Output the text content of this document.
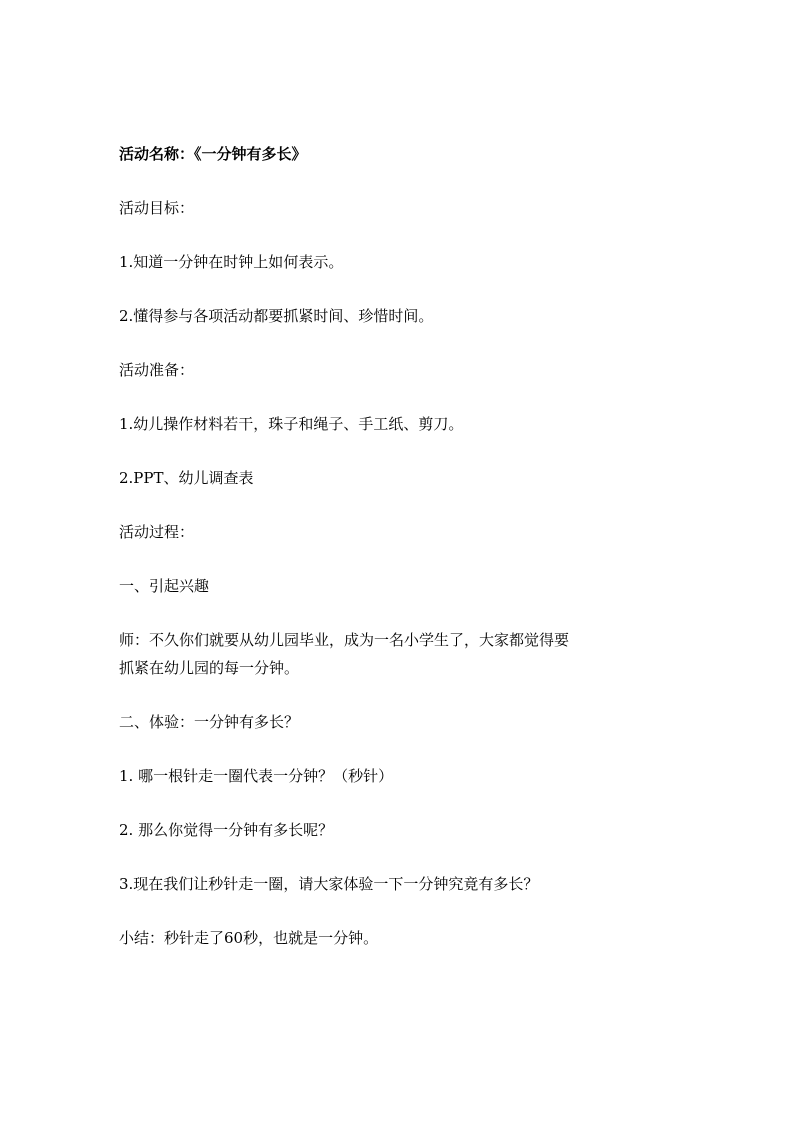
活动名称：《一分钟有多长》
活动目标：
1.知道一分钟在时钟上如何表示。
2.懂得参与各项活动都要抓紧时间、珍惜时间。
活动准备：
1.幼儿操作材料若干，珠子和绳子、手工纸、剪刀。
2.PPT、幼儿调查表
活动过程：
一、引起兴趣
师：不久你们就要从幼儿园毕业，成为一名小学生了，大家都觉得要
抓紧在幼儿园的每一分钟。
二、体验：一分钟有多长？
1. 哪一根针走一圈代表一分钟？（秒针）
2. 那么你觉得一分钟有多长呢？
3.现在我们让秒针走一圈，请大家体验一下一分钟究竟有多长？
小结：秒针走了60秒，也就是一分钟。
